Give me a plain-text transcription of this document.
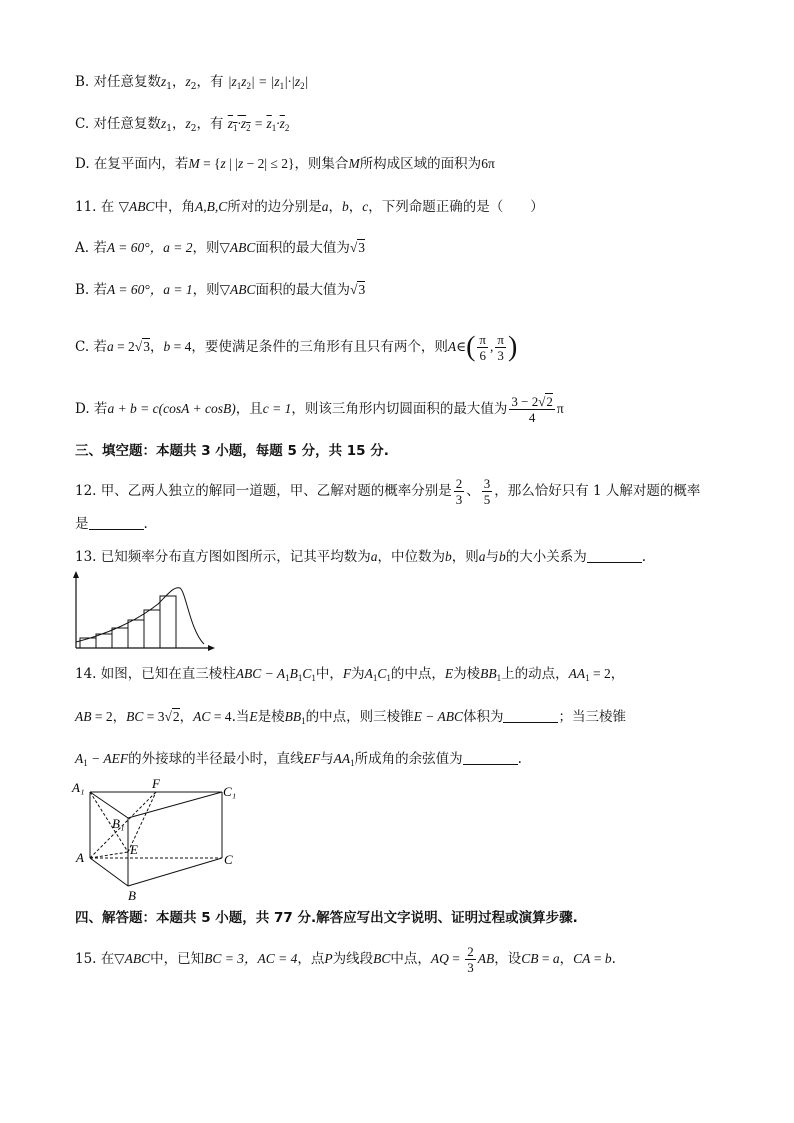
B. 对任意复数$z_1$，$z_2$，有 $|z_1z_2| = |z_1|\cdot|z_2|$
C. 对任意复数$z_1$，$z_2$，有 $z_1\cdot z_2 = \overline{z}_1\cdot\overline{z}_2$
D. 在复平面内，若M = {z | |z − 2| ≤ 2}，则集合M所构成区域的面积为6π
11. 在 ▽ABC中，角A,B,C所对的边分别是a，b，c，下列命题正确的是（　　）
A. 若A = 60°，a = 2，则▽ABC面积的最大值为√3
B. 若A = 60°，a = 1，则▽ABC面积的最大值为√3
C. 若a = 2√3，b = 4，要使满足条件的三角形有且只有两个，则A∈( $\frac{\pi}{6}$ , $\frac{\pi}{3}$ )
D. 若a + b = c(cosA + cosB)，且c = 1，则该三角形内切圆面积的最大值为 $\frac{3 - 2√2}{4}$ π
三、填空题：本题共 3 小题，每题 5 分，共 15 分.
12. 甲、乙两人独立的解同一道题，甲、乙解对题的概率分别是 $\frac{2}{3}$ 、 $\frac{3}{5}$ ，那么恰好只有 1 人解对题的概率
是	.
13. 已知频率分布直方图如图所示，记其平均数为a，中位数为b，则a与b的大小关系为	.
14. 如图，已知在直三棱柱ABC − $A_1B_1C_1$中，F为$A_1C_1$的中点，E为棱$BB_1$上的动点，$AA_1 = 2$，
AB = 2，BC = 3√2，AC = 4.当E是棱$BB_1$的中点，则三棱锥E − ABC体积为	；当三棱锥
$A_1$ − AEF的外接球的半径最小时，直线EF与$AA_1$所成角的余弦值为	.
A₁	C₁
B₁
F
E
A	C
B
四、解答题：本题共 5 小题，共 77 分.解答应写出文字说明、证明过程或演算步骤.
15. 在▽ABC中，已知BC = 3，AC = 4，点P为线段BC中点，AQ = $\frac{2}{3}$ AB，设CB = a，CA = b.
